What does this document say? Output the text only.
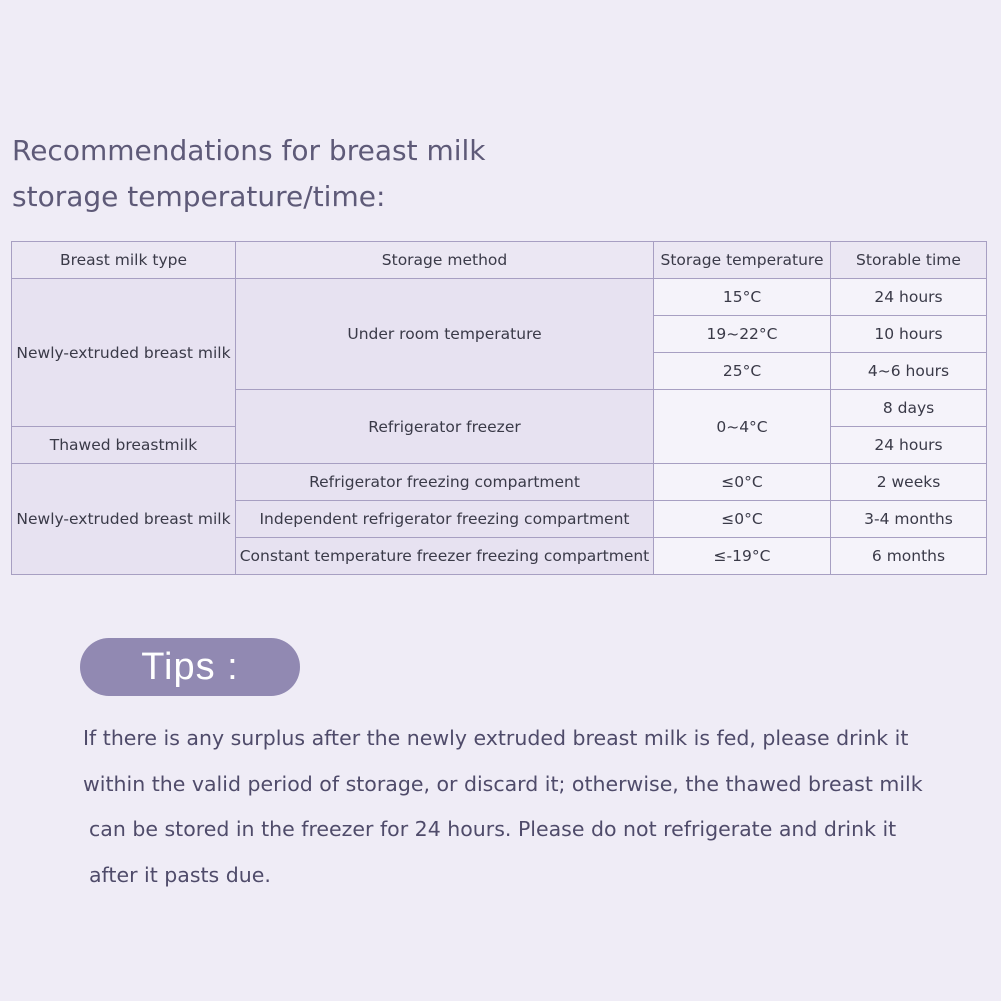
Recommendations for breast milk
storage temperature/time:
Breast milk type	Storage method	Storage temperature	Storable time
Newly-extruded breast milk	Under room temperature	15°C	24 hours
		19~22°C	10 hours
		25°C	4~6 hours
	Refrigerator freezer	0~4°C	8 days
Thawed breastmilk			24 hours
Newly-extruded breast milk	Refrigerator freezing compartment	≤0°C	2 weeks
	Independent refrigerator freezing compartment	≤0°C	3-4 months
	Constant temperature freezer freezing compartment	≤-19°C	6 months
Tips :
If there is any surplus after the newly extruded breast milk is fed, please drink it
within the valid period of storage, or discard it; otherwise, the thawed breast milk
can be stored in the freezer for 24 hours. Please do not refrigerate and drink it
after it pasts due.
